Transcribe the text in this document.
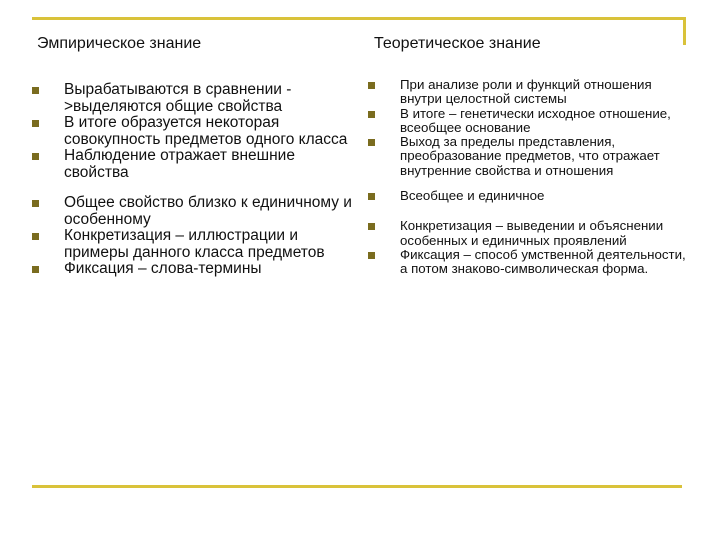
Эмпирическое знание	Теоретическое знание
Вырабатываются в сравнении - >выделяются общие свойства
В итоге образуется некоторая совокупность предметов одного класса
Наблюдение отражает внешние свойства
Общее свойство близко к единичному и особенному
Конкретизация – иллюстрации и примеры данного класса предметов
Фиксация – слова-термины
При анализе роли и функций отношения внутри целостной системы
В итоге – генетически исходное отношение, всеобщее основание
Выход за пределы представления, преобразование предметов, что отражает внутренние свойства и отношения
Всеобщее и единичное
Конкретизация – выведении и объяснении особенных и единичных проявлений
Фиксация – способ умственной деятельности, а потом знаково-символическая форма.
